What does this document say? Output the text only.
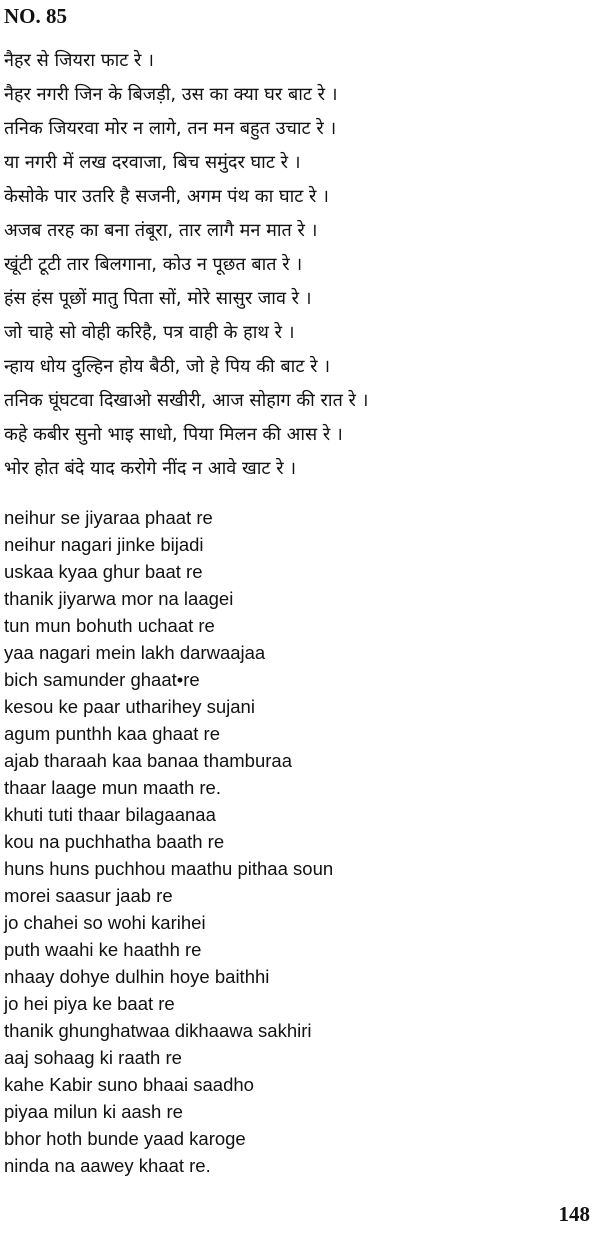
NO. 85
नैहर से जियरा फाट रे ।
नैहर नगरी जिन के बिजड़ी, उस का क्या घर बाट रे ।
तनिक जियरवा मोर न लागे, तन मन बहुत उचाट रे ।
या नगरी में लख दरवाजा, बिच समुंदर घाट रे ।
केसोके पार उतरि है सजनी, अगम पंथ का घाट रे ।
अजब तरह का बना तंबूरा, तार लागै मन मात रे ।
खूंटी टूटी तार बिलगाना, कोउ न पूछत बात रे ।
हंस हंस पूछों मातु पिता सों, मोरे सासुर जाव रे ।
जो चाहे सो वोही करिहै, पत्र वाही के हाथ रे ।
न्हाय धोय दुल्हिन होय बैठी, जो हे पिय की बाट रे ।
तनिक घूंघटवा दिखाओ सखीरी, आज सोहाग की रात रे ।
कहे कबीर सुनो भाइ साधो, पिया मिलन की आस रे ।
भोर होत बंदे याद करोगे नींद न आवे खाट रे ।
neihur se jiyaraa phaat re
neihur nagari jinke bijadi
uskaa kyaa ghur baat re
thanik jiyarwa mor na laagei
tun mun bohuth uchaat re
yaa nagari mein lakh darwaajaa
bich samunder ghaat•re
kesou ke paar utharihey sujani
agum punthh kaa ghaat re
ajab tharaah kaa banaa thamburaa
thaar laage mun maath re.
khuti tuti thaar bilagaanaa
kou na puchhatha baath re
huns huns puchhou maathu pithaa soun
morei saasur jaab re
jo chahei so wohi karihei
puth waahi ke haathh re
nhaay dohye dulhin hoye baithhi
jo hei piya ke baat re
thanik ghunghatwaa dikhaawa sakhiri
aaj sohaag ki raath re
kahe Kabir suno bhaai saadho
piyaa milun ki aash re
bhor hoth bunde yaad karoge
ninda na aawey khaat re.
148
